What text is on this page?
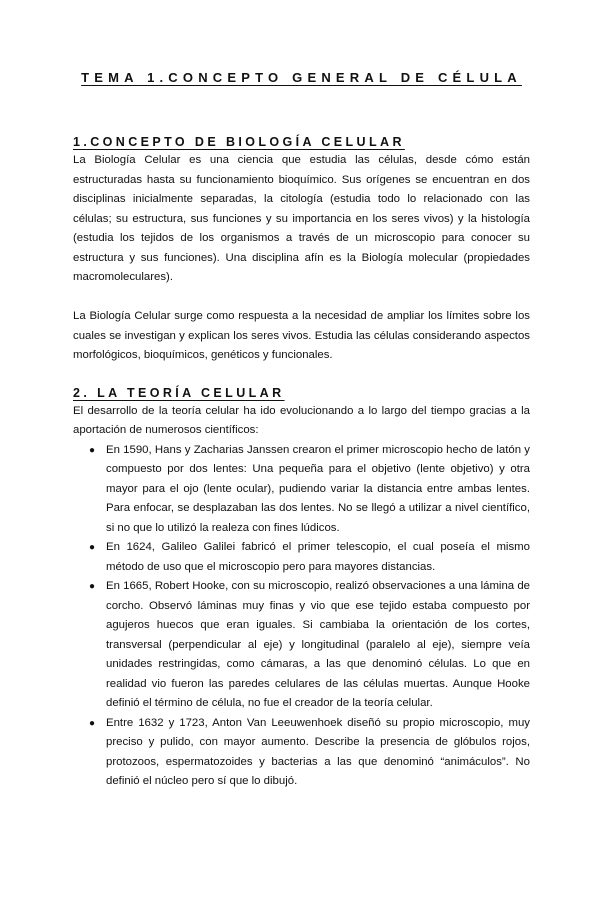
TEMA 1.CONCEPTO GENERAL DE CÉLULA
1.CONCEPTO DE BIOLOGÍA CELULAR

La Biología Celular es una ciencia que estudia las células, desde cómo están estructuradas hasta su funcionamiento bioquímico. Sus orígenes se encuentran en dos disciplinas inicialmente separadas, la citología (estudia todo lo relacionado con las células; su estructura, sus funciones y su importancia en los seres vivos) y la histología (estudia los tejidos de los organismos a través de un microscopio para conocer su estructura y sus funciones). Una disciplina afín es la Biología molecular (propiedades macromoleculares).

La Biología Celular surge como respuesta a la necesidad de ampliar los límites sobre los cuales se investigan y explican los seres vivos. Estudia las células considerando aspectos morfológicos, bioquímicos, genéticos y funcionales.

2. LA TEORÍA CELULAR

El desarrollo de la teoría celular ha ido evolucionando a lo largo del tiempo gracias a la aportación de numerosos científicos:

● En 1590, Hans y Zacharias Janssen crearon el primer microscopio hecho de latón y compuesto por dos lentes: Una pequeña para el objetivo (lente objetivo) y otra mayor para el ojo (lente ocular), pudiendo variar la distancia entre ambas lentes. Para enfocar, se desplazaban las dos lentes. No se llegó a utilizar a nivel científico, si no que lo utilizó la realeza con fines lúdicos.
● En 1624, Galileo Galilei fabricó el primer telescopio, el cual poseía el mismo método de uso que el microscopio pero para mayores distancias.
● En 1665, Robert Hooke, con su microscopio, realizó observaciones a una lámina de corcho. Observó láminas muy finas y vio que ese tejido estaba compuesto por agujeros huecos que eran iguales. Si cambiaba la orientación de los cortes, transversal (perpendicular al eje) y longitudinal (paralelo al eje), siempre veía unidades restringidas, como cámaras, a las que denominó células. Lo que en realidad vio fueron las paredes celulares de las células muertas. Aunque Hooke definió el término de célula, no fue el creador de la teoría celular.
● Entre 1632 y 1723, Anton Van Leeuwenhoek diseñó su propio microscopio, muy preciso y pulido, con mayor aumento. Describe la presencia de glóbulos rojos, protozoos, espermatozoides y bacterias a las que denominó “animáculos”. No definió el núcleo pero sí que lo dibujó.
